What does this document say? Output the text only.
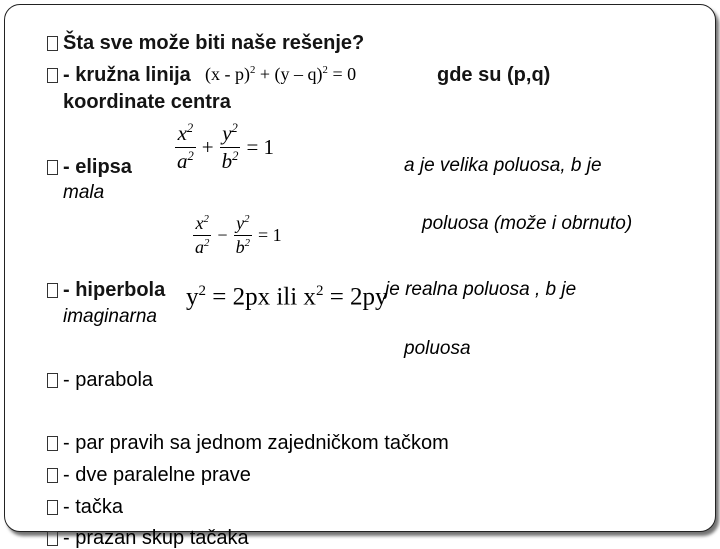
Šta sve može biti naše rešenje?
- kružna linija (x - p)$^2$ + (y – q)$^2$ = 0	gde su (p,q)
koordinate centra
$\frac{x^2}{a^2} + \frac{y^2}{b^2} = 1$
- elipsa	a je velika poluosa, b je
mala
$\frac{x^2}{a^2} - \frac{y^2}{b^2} = 1$
poluosa (može i obrnuto)
- hiperbola $y^2 = 2px$ ili $x^2 = 2py$
je realna poluosa , b je
imaginarna
poluosa
- parabola
- par pravih sa jednom zajedničkom tačkom
- dve paralelne prave
- tačka
- prazan skup tačaka
